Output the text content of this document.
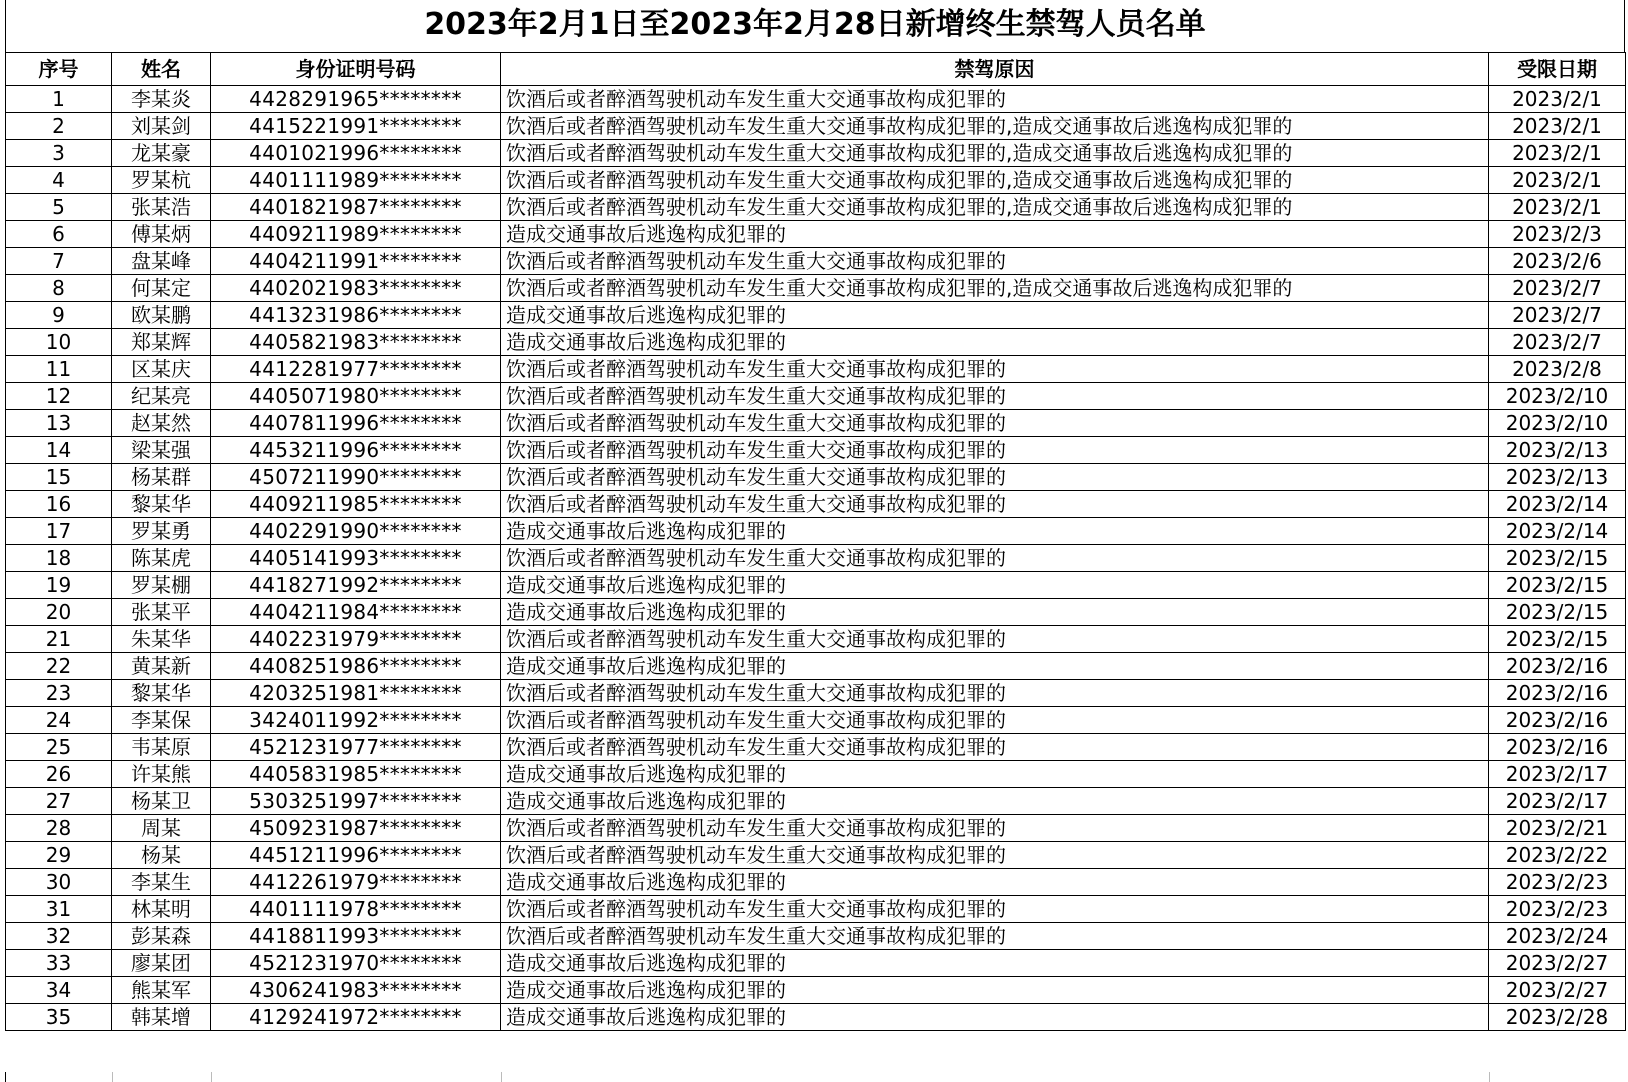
2023年2月1日至2023年2月28日新增终生禁驾人员名单
序号	姓名	身份证明号码	禁驾原因	受限日期
1	李某炎	4428291965********	饮酒后或者醉酒驾驶机动车发生重大交通事故构成犯罪的	2023/2/1
2	刘某剑	4415221991********	饮酒后或者醉酒驾驶机动车发生重大交通事故构成犯罪的,造成交通事故后逃逸构成犯罪的	2023/2/1
3	龙某豪	4401021996********	饮酒后或者醉酒驾驶机动车发生重大交通事故构成犯罪的,造成交通事故后逃逸构成犯罪的	2023/2/1
4	罗某杭	4401111989********	饮酒后或者醉酒驾驶机动车发生重大交通事故构成犯罪的,造成交通事故后逃逸构成犯罪的	2023/2/1
5	张某浩	4401821987********	饮酒后或者醉酒驾驶机动车发生重大交通事故构成犯罪的,造成交通事故后逃逸构成犯罪的	2023/2/1
6	傅某炳	4409211989********	造成交通事故后逃逸构成犯罪的	2023/2/3
7	盘某峰	4404211991********	饮酒后或者醉酒驾驶机动车发生重大交通事故构成犯罪的	2023/2/6
8	何某定	4402021983********	饮酒后或者醉酒驾驶机动车发生重大交通事故构成犯罪的,造成交通事故后逃逸构成犯罪的	2023/2/7
9	欧某鹏	4413231986********	造成交通事故后逃逸构成犯罪的	2023/2/7
10	郑某辉	4405821983********	造成交通事故后逃逸构成犯罪的	2023/2/7
11	区某庆	4412281977********	饮酒后或者醉酒驾驶机动车发生重大交通事故构成犯罪的	2023/2/8
12	纪某亮	4405071980********	饮酒后或者醉酒驾驶机动车发生重大交通事故构成犯罪的	2023/2/10
13	赵某然	4407811996********	饮酒后或者醉酒驾驶机动车发生重大交通事故构成犯罪的	2023/2/10
14	梁某强	4453211996********	饮酒后或者醉酒驾驶机动车发生重大交通事故构成犯罪的	2023/2/13
15	杨某群	4507211990********	饮酒后或者醉酒驾驶机动车发生重大交通事故构成犯罪的	2023/2/13
16	黎某华	4409211985********	饮酒后或者醉酒驾驶机动车发生重大交通事故构成犯罪的	2023/2/14
17	罗某勇	4402291990********	造成交通事故后逃逸构成犯罪的	2023/2/14
18	陈某虎	4405141993********	饮酒后或者醉酒驾驶机动车发生重大交通事故构成犯罪的	2023/2/15
19	罗某棚	4418271992********	造成交通事故后逃逸构成犯罪的	2023/2/15
20	张某平	4404211984********	造成交通事故后逃逸构成犯罪的	2023/2/15
21	朱某华	4402231979********	饮酒后或者醉酒驾驶机动车发生重大交通事故构成犯罪的	2023/2/15
22	黄某新	4408251986********	造成交通事故后逃逸构成犯罪的	2023/2/16
23	黎某华	4203251981********	饮酒后或者醉酒驾驶机动车发生重大交通事故构成犯罪的	2023/2/16
24	李某保	3424011992********	饮酒后或者醉酒驾驶机动车发生重大交通事故构成犯罪的	2023/2/16
25	韦某原	4521231977********	饮酒后或者醉酒驾驶机动车发生重大交通事故构成犯罪的	2023/2/16
26	许某熊	4405831985********	造成交通事故后逃逸构成犯罪的	2023/2/17
27	杨某卫	5303251997********	造成交通事故后逃逸构成犯罪的	2023/2/17
28	周某	4509231987********	饮酒后或者醉酒驾驶机动车发生重大交通事故构成犯罪的	2023/2/21
29	杨某	4451211996********	饮酒后或者醉酒驾驶机动车发生重大交通事故构成犯罪的	2023/2/22
30	李某生	4412261979********	造成交通事故后逃逸构成犯罪的	2023/2/23
31	林某明	4401111978********	饮酒后或者醉酒驾驶机动车发生重大交通事故构成犯罪的	2023/2/23
32	彭某森	4418811993********	饮酒后或者醉酒驾驶机动车发生重大交通事故构成犯罪的	2023/2/24
33	廖某团	4521231970********	造成交通事故后逃逸构成犯罪的	2023/2/27
34	熊某军	4306241983********	造成交通事故后逃逸构成犯罪的	2023/2/27
35	韩某增	4129241972********	造成交通事故后逃逸构成犯罪的	2023/2/28
